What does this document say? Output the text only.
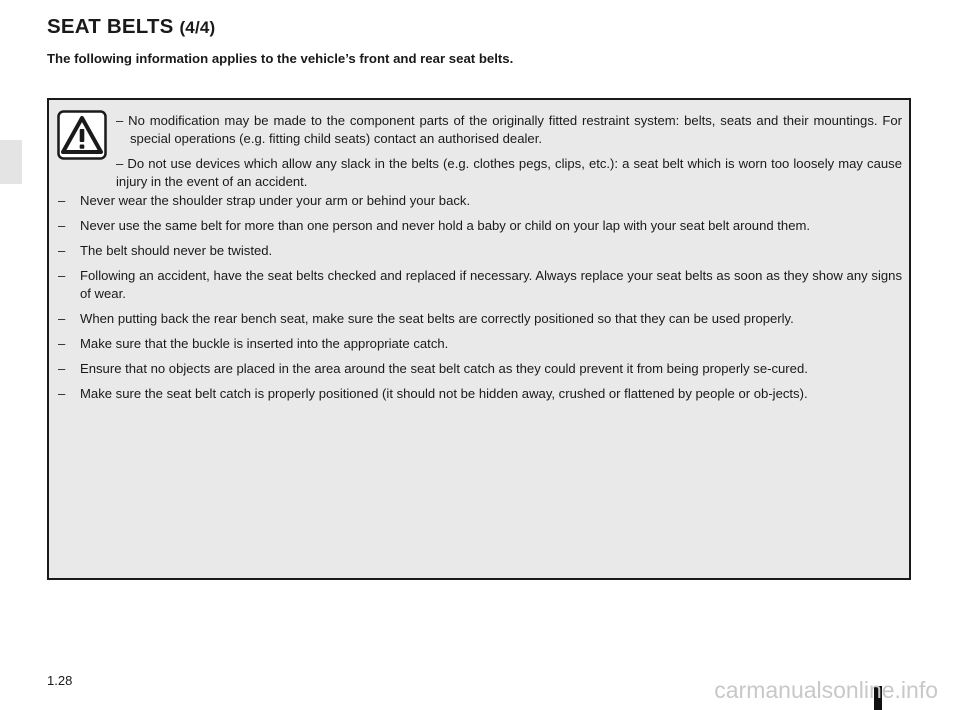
SEAT BELTS (4/4)

The following information applies to the vehicle’s front and rear seat belts.

– No modification may be made to the component parts of the originally fitted restraint system: belts, seats and their mountings. For special operations (e.g. fitting child seats) contact an authorised dealer.

– Do not use devices which allow any slack in the belts (e.g. clothes pegs, clips, etc.): a seat belt which is worn too loosely may cause injury in the event of an accident.

– Never wear the shoulder strap under your arm or behind your back.
– Never use the same belt for more than one person and never hold a baby or child on your lap with your seat belt around them.
– The belt should never be twisted.
– Following an accident, have the seat belts checked and replaced if necessary. Always replace your seat belts as soon as they show any signs of wear.
– When putting back the rear bench seat, make sure the seat belts are correctly positioned so that they can be used properly.
– Make sure that the buckle is inserted into the appropriate catch.
– Ensure that no objects are placed in the area around the seat belt catch as they could prevent it from being properly se-cured.
– Make sure the seat belt catch is properly positioned (it should not be hidden away, crushed or flattened by people or ob-jects).
1.28	carmanualsonline.info
